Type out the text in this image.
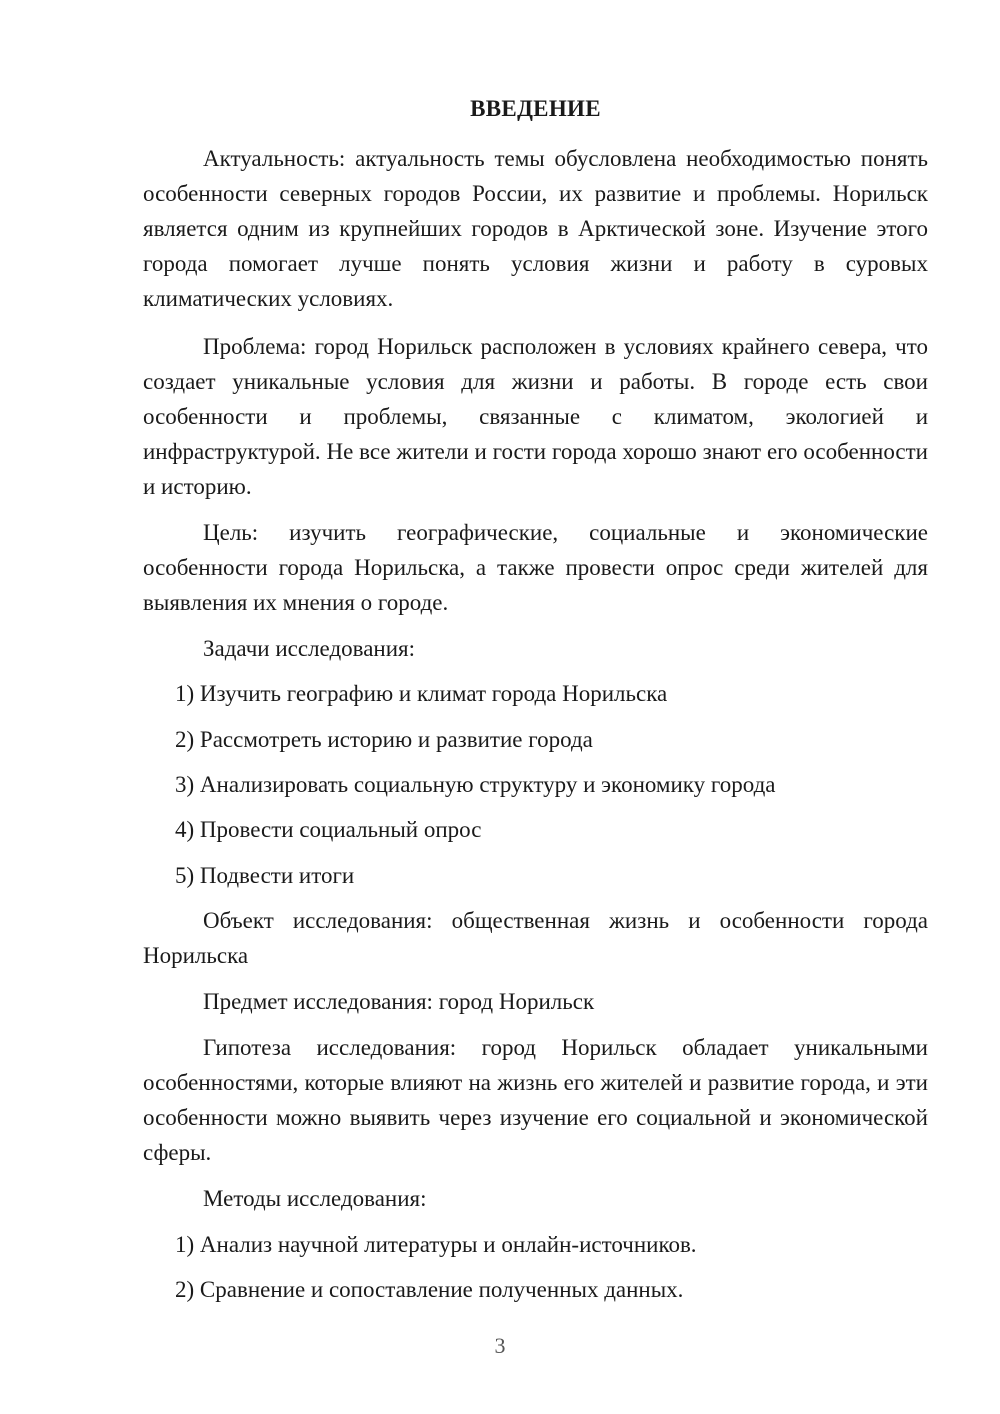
ВВЕДЕНИЕ

Актуальность: актуальность темы обусловлена необходимостью понять особенности северных городов России, их развитие и проблемы. Норильск является одним из крупнейших городов в Арктической зоне. Изучение этого города помогает лучше понять условия жизни и работу в суровых климатических условиях.

Проблема: город Норильск расположен в условиях крайнего севера, что создает уникальные условия для жизни и работы. В городе есть свои особенности и проблемы, связанные с климатом, экологией и инфраструктурой. Не все жители и гости города хорошо знают его особенности и историю.

Цель: изучить географические, социальные и экономические особенности города Норильска, а также провести опрос среди жителей для выявления их мнения о городе.

Задачи исследования:

1) Изучить географию и климат города Норильска

2) Рассмотреть историю и развитие города

3) Анализировать социальную структуру и экономику города

4) Провести социальный опрос

5) Подвести итоги

Объект исследования: общественная жизнь и особенности города Норильска

Предмет исследования: город Норильск

Гипотеза исследования: город Норильск обладает уникальными особенностями, которые влияют на жизнь его жителей и развитие города, и эти особенности можно выявить через изучение его социальной и экономической сферы.

Методы исследования:

1) Анализ научной литературы и онлайн-источников.

2) Сравнение и сопоставление полученных данных.

3
